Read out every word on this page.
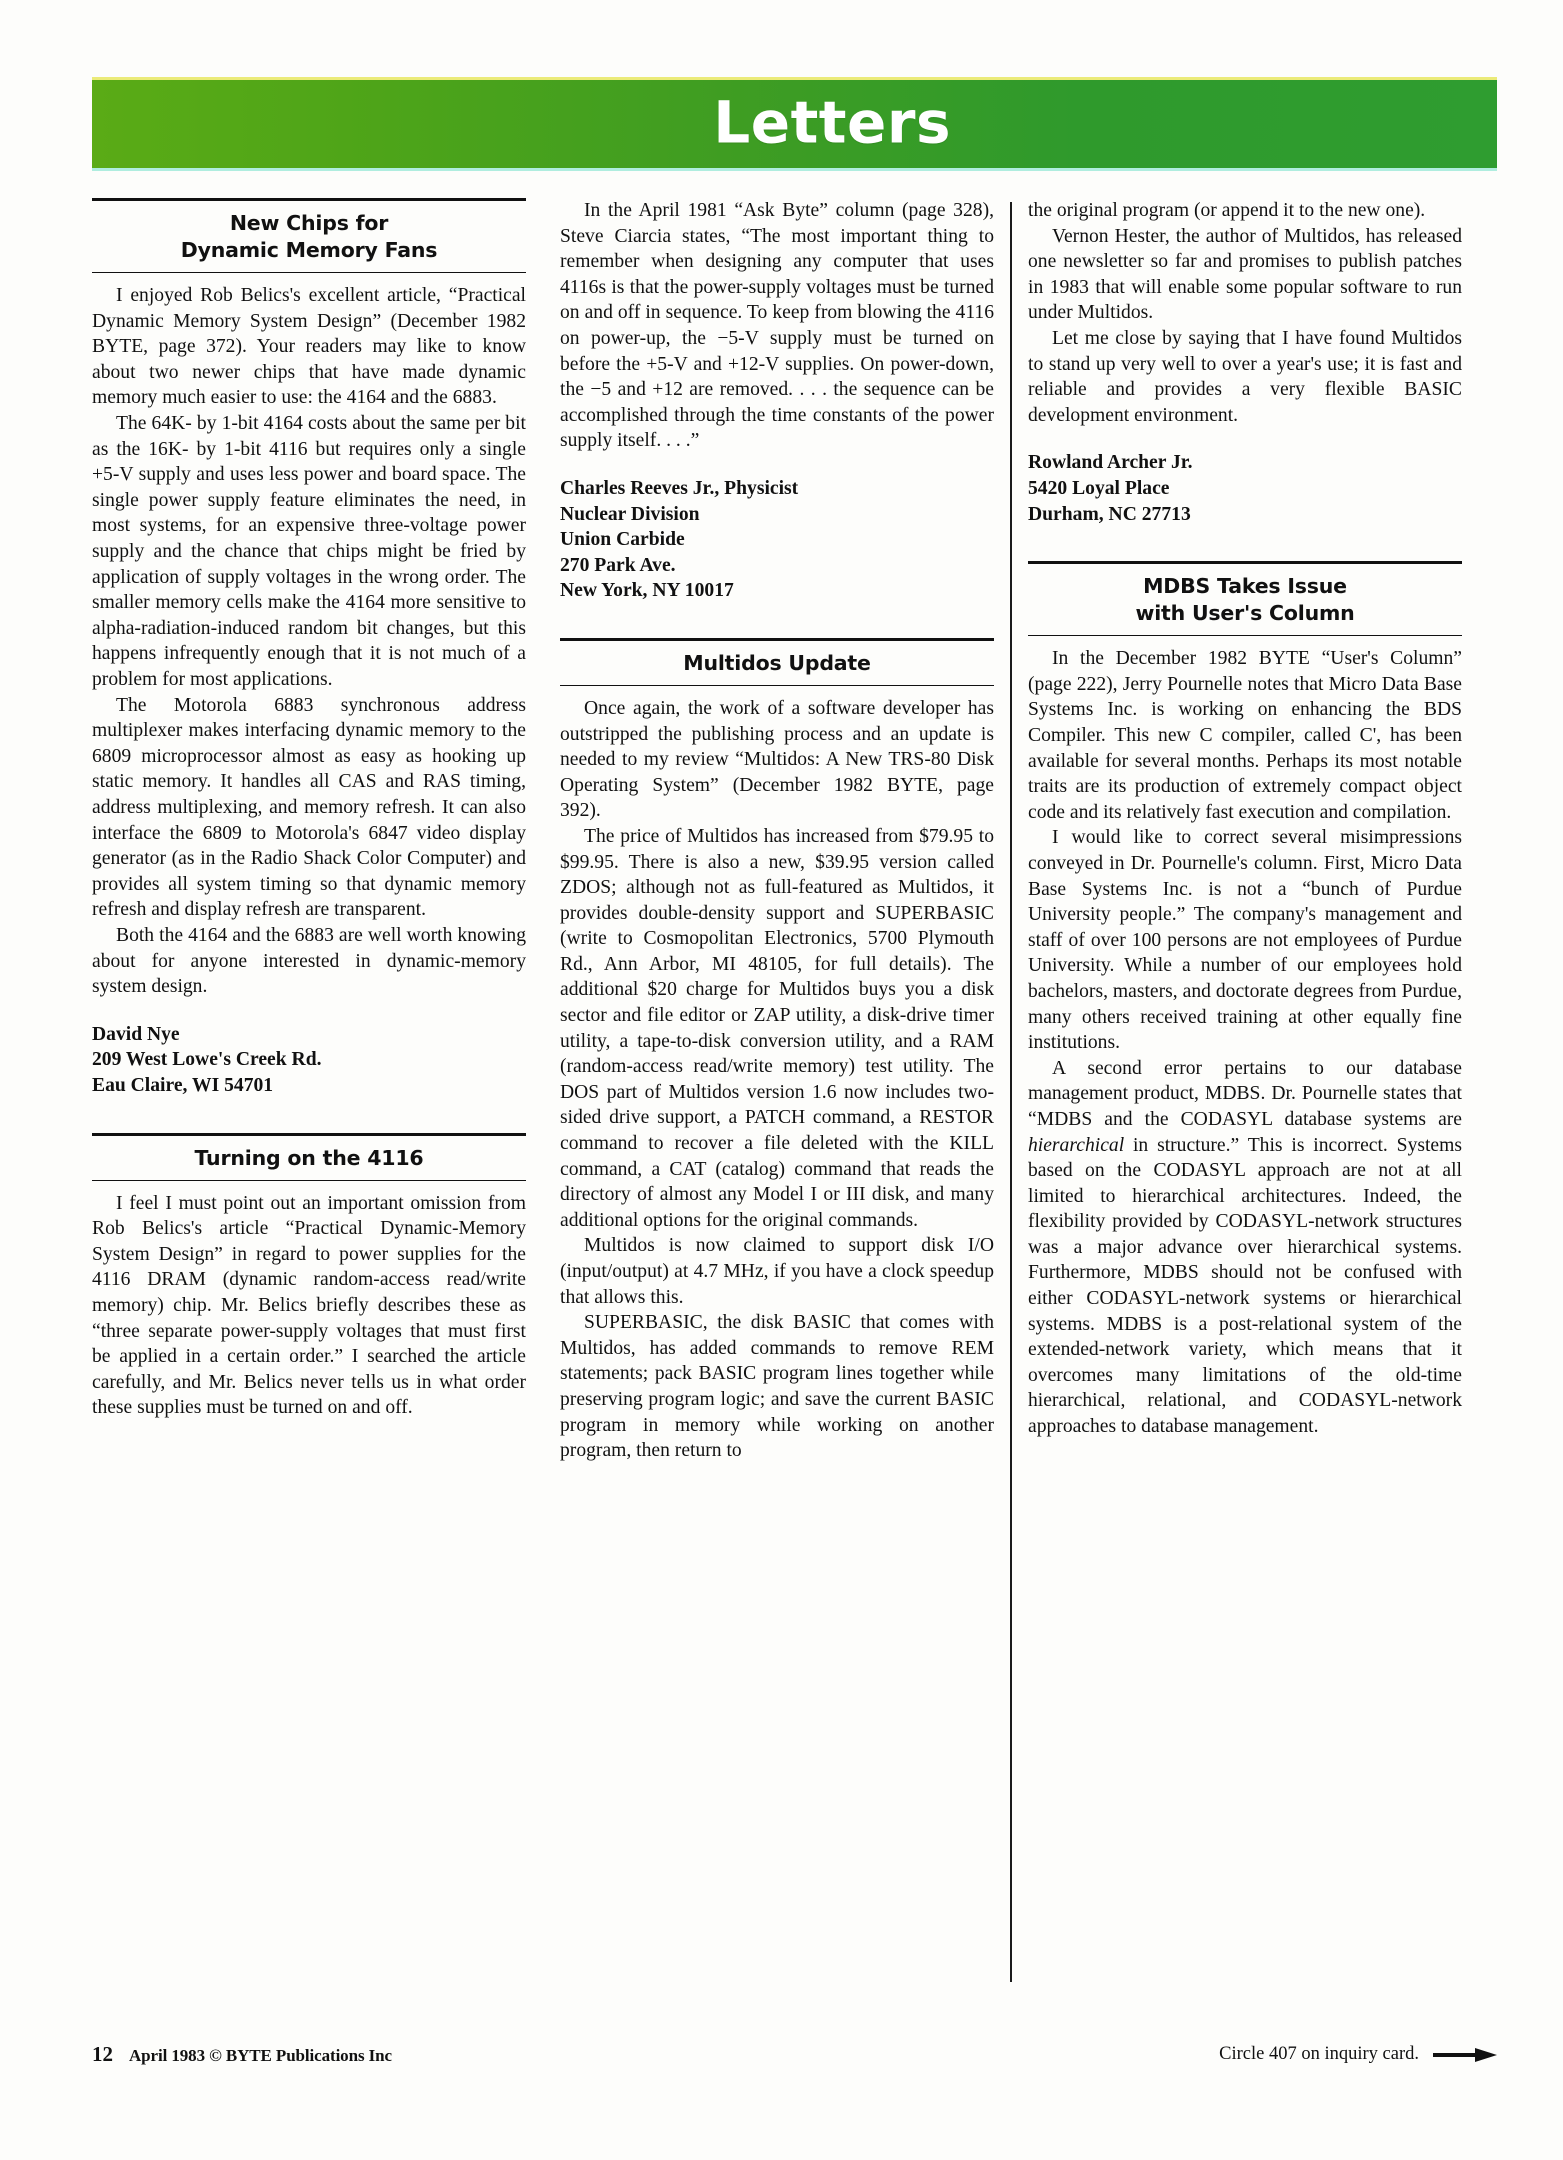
Letters
New Chips for
Dynamic Memory Fans

I enjoyed Rob Belics's excellent article, “Practical Dynamic Memory System Design” (December 1982 BYTE, page 372). Your readers may like to know about two newer chips that have made dynamic memory much easier to use: the 4164 and the 6883.

The 64K- by 1-bit 4164 costs about the same per bit as the 16K- by 1-bit 4116 but requires only a single +5-V supply and uses less power and board space. The single power supply feature eliminates the need, in most systems, for an expensive three-voltage power supply and the chance that chips might be fried by application of supply voltages in the wrong order. The smaller memory cells make the 4164 more sensitive to alpha-radiation-induced random bit changes, but this happens infrequently enough that it is not much of a problem for most applications.

The Motorola 6883 synchronous address multiplexer makes interfacing dynamic memory to the 6809 microprocessor almost as easy as hooking up static memory. It handles all CAS and RAS timing, address multiplexing, and memory refresh. It can also interface the 6809 to Motorola's 6847 video display generator (as in the Radio Shack Color Computer) and provides all system timing so that dynamic memory refresh and display refresh are transparent.

Both the 4164 and the 6883 are well worth knowing about for anyone interested in dynamic-memory system design.

David Nye
209 West Lowe's Creek Rd.
Eau Claire, WI 54701
Turning on the 4116

I feel I must point out an important omission from Rob Belics's article “Practical Dynamic-Memory System Design” in regard to power supplies for the 4116 DRAM (dynamic random-access read/write memory) chip. Mr. Belics briefly describes these as “three separate power-supply voltages that must first be applied in a certain order.” I searched the article carefully, and Mr. Belics never tells us in what order these supplies must be turned on and off.

In the April 1981 “Ask Byte” column (page 328), Steve Ciarcia states, “The most important thing to remember when designing any computer that uses 4116s is that the power-supply voltages must be turned on and off in sequence. To keep from blowing the 4116 on power-up, the −5-V supply must be turned on before the +5-V and +12-V supplies. On power-down, the −5 and +12 are removed. . . . the sequence can be accomplished through the time constants of the power supply itself. . . .”

Charles Reeves Jr., Physicist
Nuclear Division
Union Carbide
270 Park Ave.
New York, NY 10017
Multidos Update

Once again, the work of a software developer has outstripped the publishing process and an update is needed to my review “Multidos: A New TRS-80 Disk Operating System” (December 1982 BYTE, page 392).

The price of Multidos has increased from $79.95 to $99.95. There is also a new, $39.95 version called ZDOS; although not as full-featured as Multidos, it provides double-density support and SUPERBASIC (write to Cosmopolitan Electronics, 5700 Plymouth Rd., Ann Arbor, MI 48105, for full details). The additional $20 charge for Multidos buys you a disk sector and file editor or ZAP utility, a disk-drive timer utility, a tape-to-disk conversion utility, and a RAM (random-access read/write memory) test utility. The DOS part of Multidos version 1.6 now includes two-sided drive support, a PATCH command, a RESTOR command to recover a file deleted with the KILL command, a CAT (catalog) command that reads the directory of almost any Model I or III disk, and many additional options for the original commands.

Multidos is now claimed to support disk I/O (input/output) at 4.7 MHz, if you have a clock speedup that allows this.

SUPERBASIC, the disk BASIC that comes with Multidos, has added commands to remove REM statements; pack BASIC program lines together while preserving program logic; and save the current BASIC program in memory while working on another program, then return to

the original program (or append it to the new one).

Vernon Hester, the author of Multidos, has released one newsletter so far and promises to publish patches in 1983 that will enable some popular software to run under Multidos.

Let me close by saying that I have found Multidos to stand up very well to over a year's use; it is fast and reliable and provides a very flexible BASIC development environment.

Rowland Archer Jr.
5420 Loyal Place
Durham, NC 27713
MDBS Takes Issue
with User's Column

In the December 1982 BYTE “User's Column” (page 222), Jerry Pournelle notes that Micro Data Base Systems Inc. is working on enhancing the BDS Compiler. This new C compiler, called C', has been available for several months. Perhaps its most notable traits are its production of extremely compact object code and its relatively fast execution and compilation.

I would like to correct several misimpressions conveyed in Dr. Pournelle's column. First, Micro Data Base Systems Inc. is not a “bunch of Purdue University people.” The company's management and staff of over 100 persons are not employees of Purdue University. While a number of our employees hold bachelors, masters, and doctorate degrees from Purdue, many others received training at other equally fine institutions.

A second error pertains to our database management product, MDBS. Dr. Pournelle states that “MDBS and the CODASYL database systems are hierarchical in structure.” This is incorrect. Systems based on the CODASYL approach are not at all limited to hierarchical architectures. Indeed, the flexibility provided by CODASYL-network structures was a major advance over hierarchical systems. Furthermore, MDBS should not be confused with either CODASYL-network systems or hierarchical systems. MDBS is a post-relational system of the extended-network variety, which means that it overcomes many limitations of the old-time hierarchical, relational, and CODASYL-network approaches to database management.

12 April 1983 © BYTE Publications Inc	Circle 407 on inquiry card.
